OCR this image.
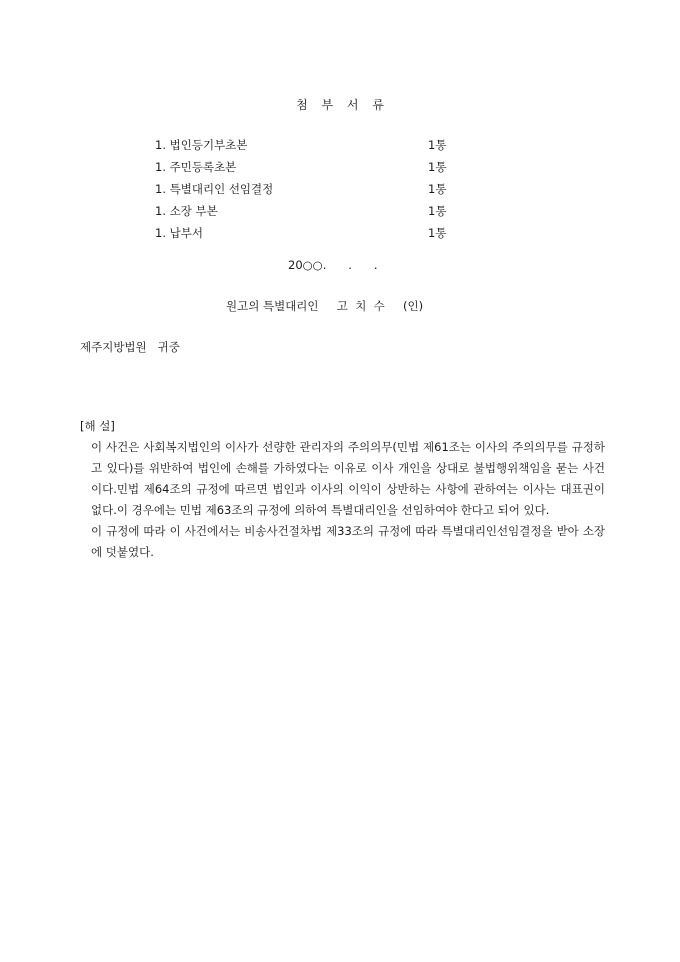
첨 부 서 류
1. 법인등기부초본	1통
1. 주민등록초본	1통
1. 특별대리인 선임결정	1통
1. 소장 부본	1통
1. 납부서	1통
20○○.      .      .
원고의 특별대리인     고  치  수     (인)
제주지방법원   귀중
[해 설]
이 사건은 사회복지법인의 이사가 선량한 관리자의 주의의무(민법 제61조는 이사의 주의의무를 규정하고 있다)를 위반하여 법인에 손해를 가하였다는 이유로 이사 개인을 상대로 불법행위책임을 묻는 사건이다.민법 제64조의 규정에 따르면 법인과 이사의 이익이 상반하는 사항에 관하여는 이사는 대표권이 없다.이 경우에는 민법 제63조의 규정에 의하여 특별대리인을 선임하여야 한다고 되어 있다.
이 규정에 따라 이 사건에서는 비송사건절차법 제33조의 규정에 따라 특별대리인선임결정을 받아 소장에 덧붙였다.
